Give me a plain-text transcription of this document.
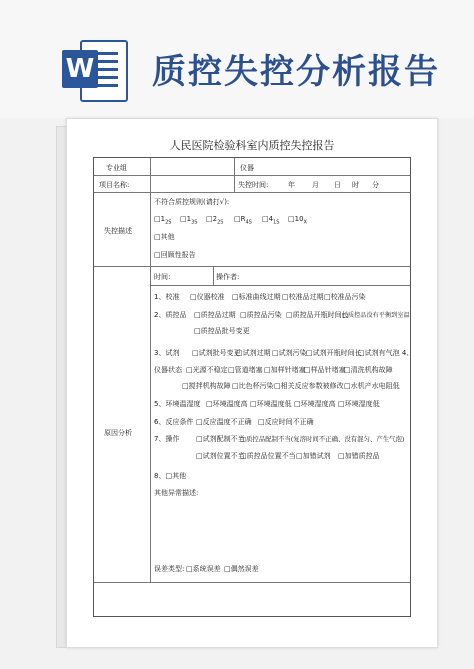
W 质控失控分析报告
人民医院检验科室内质控失控报告
专业组	仪器
项目名称:	失控时间:	年 月 日 时 分
失控描述
不符合质控规则(请打√):
$□1_{2S}$ $□1_{3S}$ $□2_{2S}$ $□R_{4S}$ $□4_{1S}$ $□10_X$
□其他
□回顾性报告
原因分析
时间:	操作者:
1、校准 □仪器校准 □标准曲线过期 □校准品过期 □校准品污染
2、质控品 □质控品过期 □质控品污染 □质控品开瓶时间长
□质控品没有平衡到室温
□质控品批号变更
3、试剂 □试剂批号变更
□试剂过期 □试剂污染 □试剂开瓶时间长
□试剂有气泡 4、
仪器状态 □光源不稳定 □管道堵塞 □加样针堵塞
□样品针堵塞
□清洗机构故障
□搅拌机构故障 □比色杯污染 □相关反应参数被修改 □水机产水电阻低
5、环境温湿度 □环境温度高 □环境温度低 □环境湿度高 □环境湿度低
6、反应条件 □反应温度不正确 □反应时间不正确
7、操作 □试剂配制不当
□质控品配制不当(复溶时间不正确、没有混匀、产生气泡)
□试剂位置不当
□质控品位置不当 □加错试剂 □加错质控品
8、□其他
其他异常描述:
误差类型: □系统误差 □偶然误差
